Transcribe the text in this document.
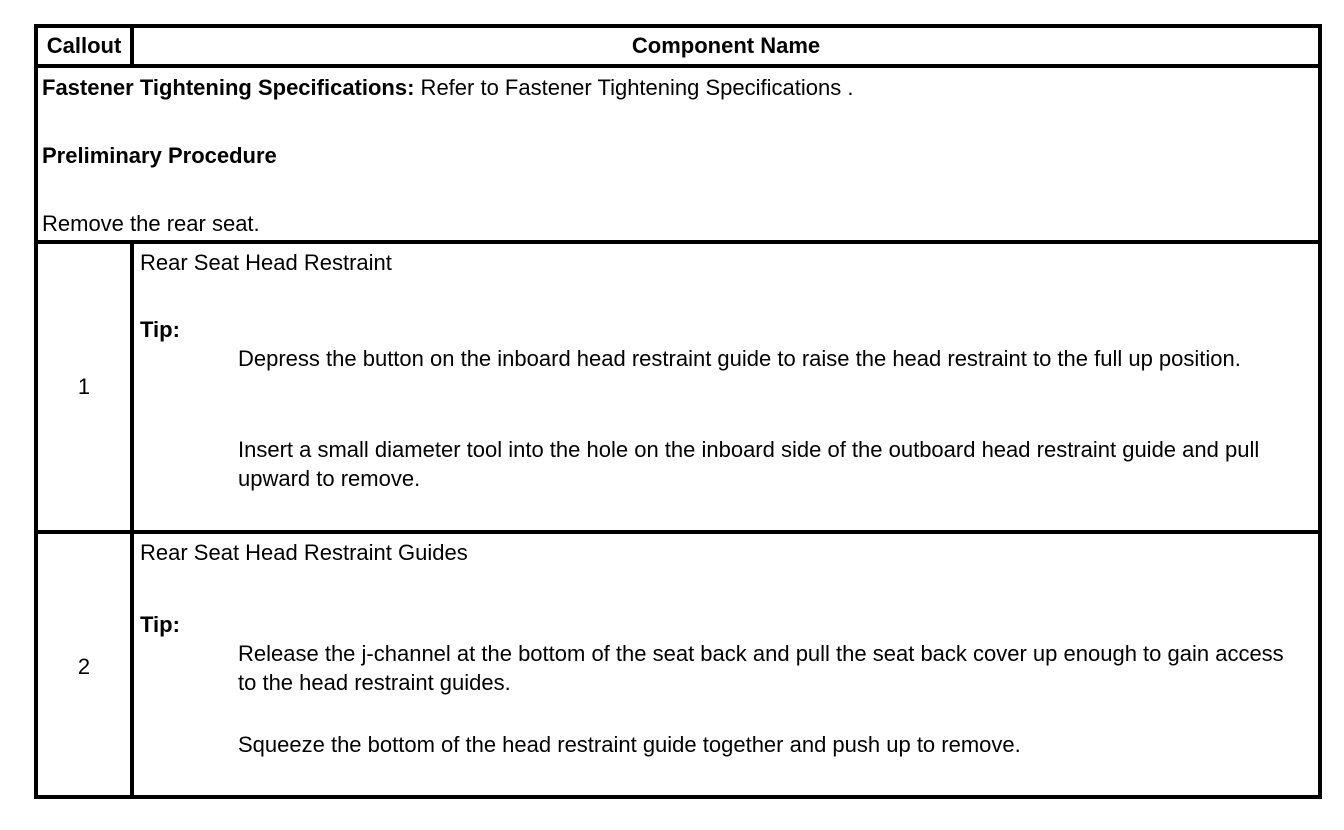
Callout	Component Name
Fastener Tightening Specifications: Refer to Fastener Tightening Specifications .
Preliminary Procedure
Remove the rear seat.
1
Rear Seat Head Restraint
Tip:
Depress the button on the inboard head restraint guide to raise the head restraint to the full up position.
Insert a small diameter tool into the hole on the inboard side of the outboard head restraint guide and pull upward to remove.
2
Rear Seat Head Restraint Guides
Tip:
Release the j-channel at the bottom of the seat back and pull the seat back cover up enough to gain access to the head restraint guides.
Squeeze the bottom of the head restraint guide together and push up to remove.
